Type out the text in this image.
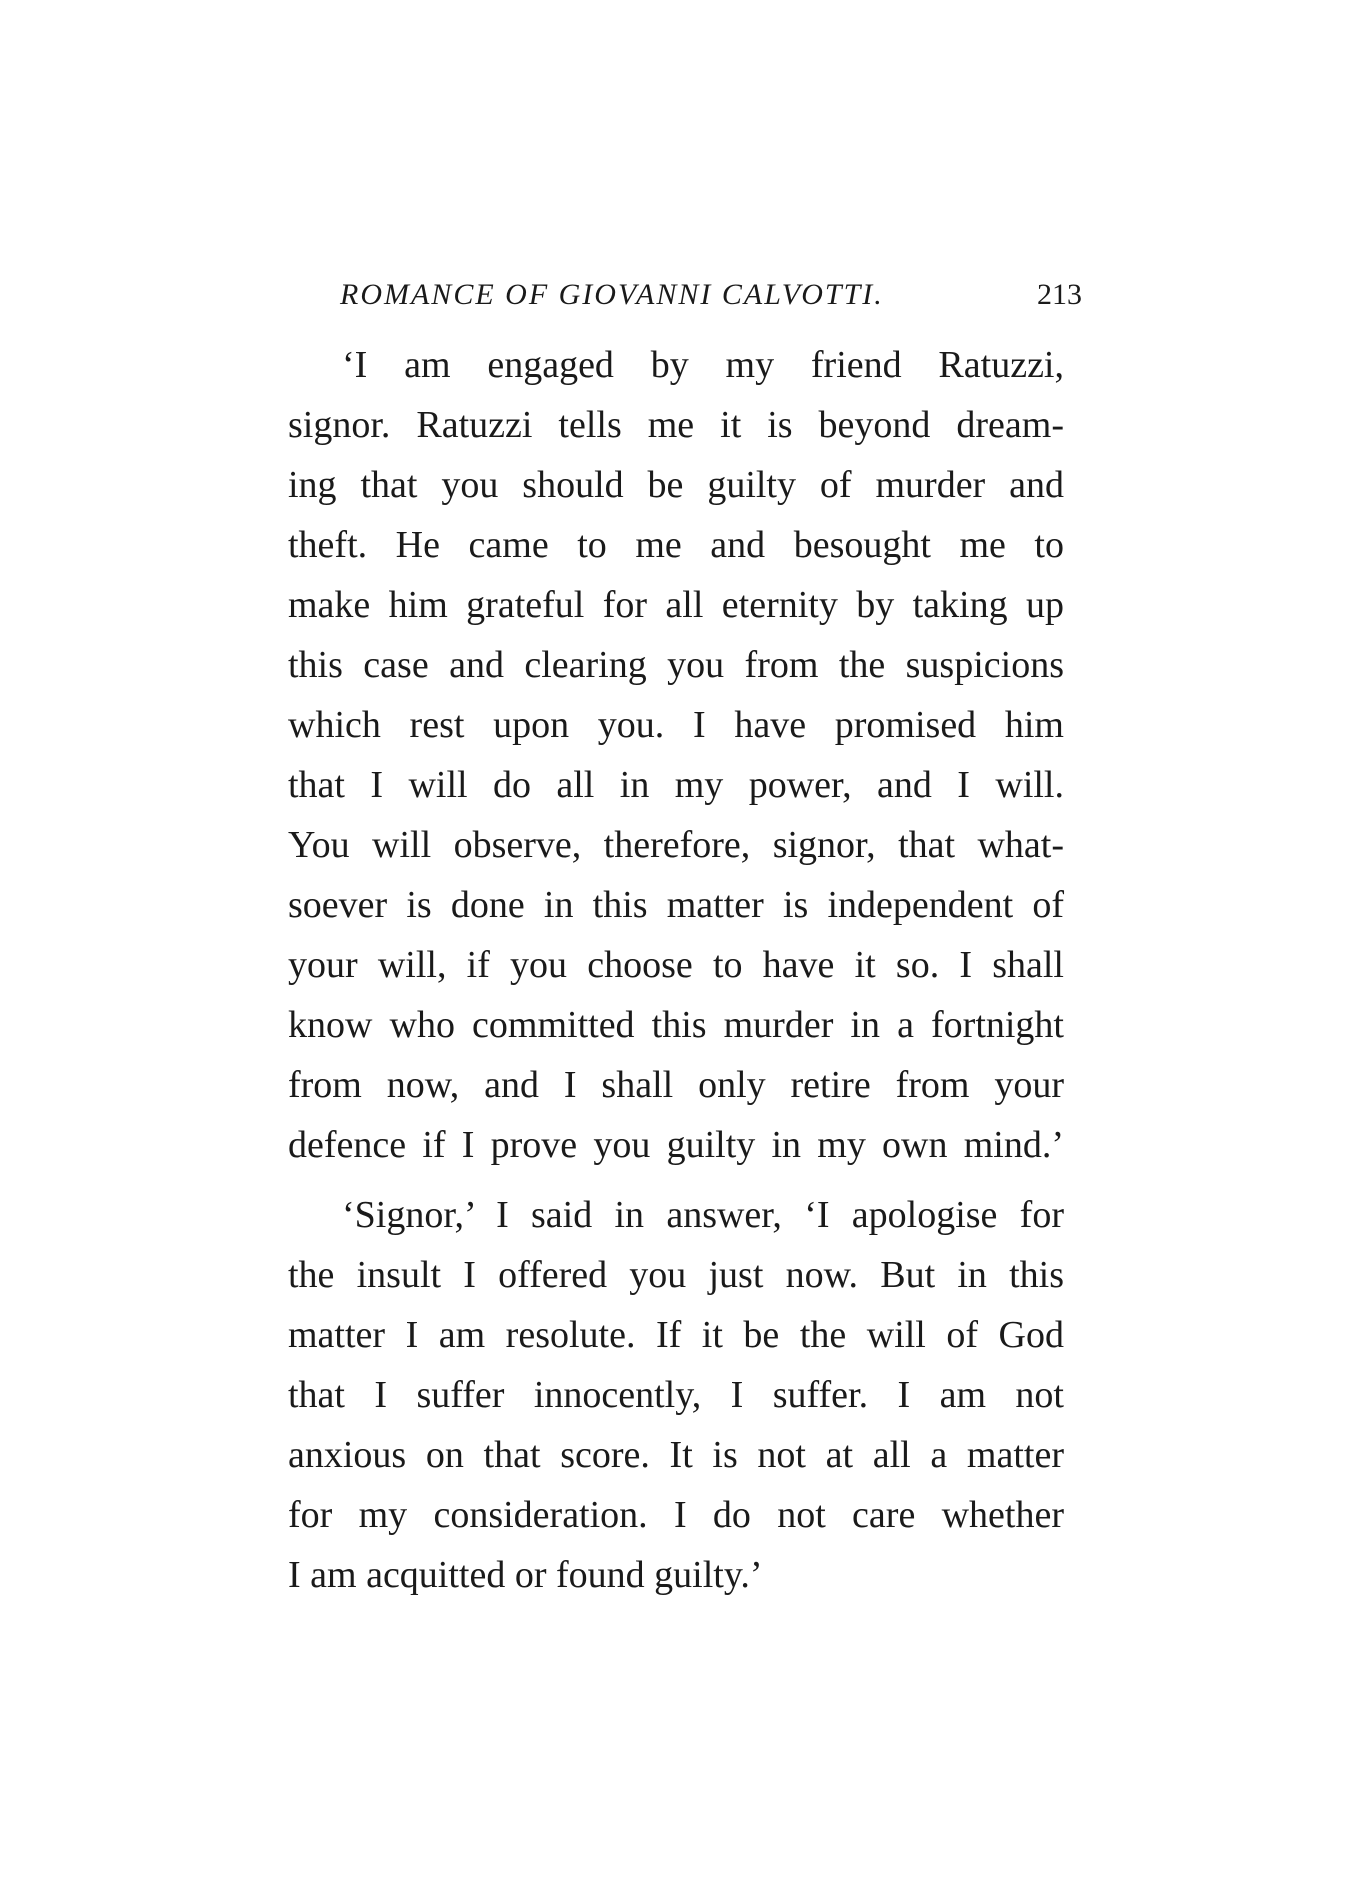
ROMANCE OF GIOVANNI CALVOTTI.	213
‘I am engaged by my friend Ratuzzi,
signor. Ratuzzi tells me it is beyond dream-
ing that you should be guilty of murder and
theft. He came to me and besought me to
make him grateful for all eternity by taking up
this case and clearing you from the suspicions
which rest upon you. I have promised him
that I will do all in my power, and I will.
You will observe, therefore, signor, that what-
soever is done in this matter is independent of
your will, if you choose to have it so. I shall
know who committed this murder in a fortnight
from now, and I shall only retire from your
defence if I prove you guilty in my own mind.’
‘Signor,’ I said in answer, ‘I apologise for
the insult I offered you just now. But in this
matter I am resolute. If it be the will of God
that I suffer innocently, I suffer. I am not
anxious on that score. It is not at all a matter
for my consideration. I do not care whether
I am acquitted or found guilty.’
